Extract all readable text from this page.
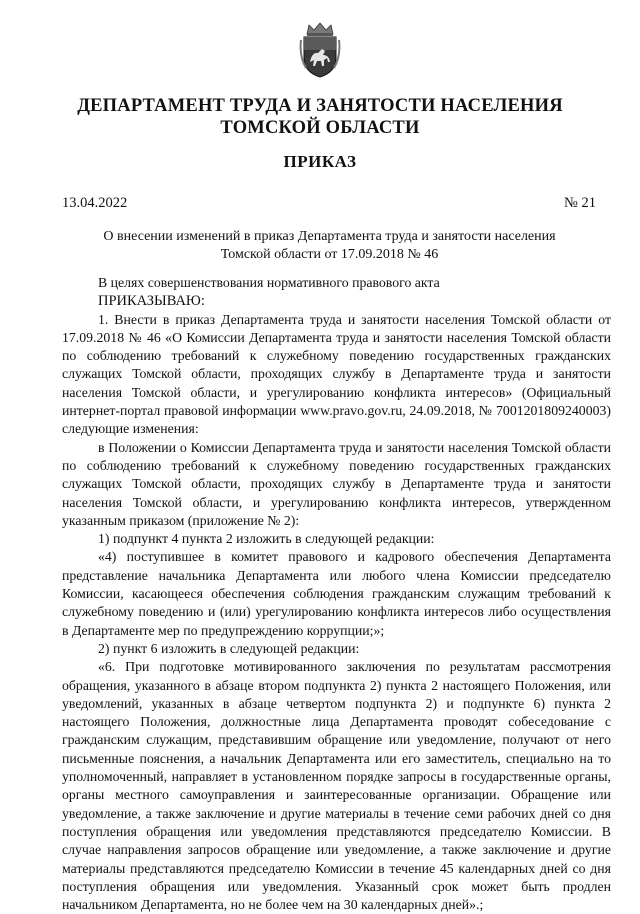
ДЕПАРТАМЕНТ ТРУДА И ЗАНЯТОСТИ НАСЕЛЕНИЯ
ТОМСКОЙ ОБЛАСТИ
ПРИКАЗ
13.04.2022	№ 21
О внесении изменений в приказ Департамента труда и занятости населения
Томской области от 17.09.2018 № 46

В целях совершенствования нормативного правового акта

ПРИКАЗЫВАЮ:

1. Внести в приказ Департамента труда и занятости населения Томской области от 17.09.2018 № 46 «О Комиссии Департамента труда и занятости населения Томской области по соблюдению требований к служебному поведению государственных гражданских служащих Томской области, проходящих службу в Департаменте труда и занятости населения Томской области, и урегулированию конфликта интересов» (Официальный интернет-портал правовой информации www.pravo.gov.ru, 24.09.2018, № 7001201809240003) следующие изменения:

в Положении о Комиссии Департамента труда и занятости населения Томской области по соблюдению требований к служебному поведению государственных гражданских служащих Томской области, проходящих службу в Департаменте труда и занятости населения Томской области, и урегулированию конфликта интересов, утвержденном указанным приказом (приложение № 2):

1) подпункт 4 пункта 2 изложить в следующей редакции:

«4) поступившее в комитет правового и кадрового обеспечения Департамента представление начальника Департамента или любого члена Комиссии председателю Комиссии, касающееся обеспечения соблюдения гражданским служащим требований к служебному поведению и (или) урегулированию конфликта интересов либо осуществления в Департаменте мер по предупреждению коррупции;»;

2) пункт 6 изложить в следующей редакции:

«6. При подготовке мотивированного заключения по результатам рассмотрения обращения, указанного в абзаце втором подпункта 2) пункта 2 настоящего Положения, или уведомлений, указанных в абзаце четвертом подпункта 2) и подпункте 6) пункта 2 настоящего Положения, должностные лица Департамента проводят собеседование с гражданским служащим, представившим обращение или уведомление, получают от него письменные пояснения, а начальник Департамента или его заместитель, специально на то уполномоченный, направляет в установленном порядке запросы в государственные органы, органы местного самоуправления и заинтересованные организации. Обращение или уведомление, а также заключение и другие материалы в течение семи рабочих дней со дня поступления обращения или уведомления представляются председателю Комиссии. В случае направления запросов обращение или уведомление, а также заключение и другие материалы представляются председателю Комиссии в течение 45 календарных дней со дня поступления обращения или уведомления. Указанный срок может быть продлен начальником Департамента, но не более чем на 30 календарных дней».;
